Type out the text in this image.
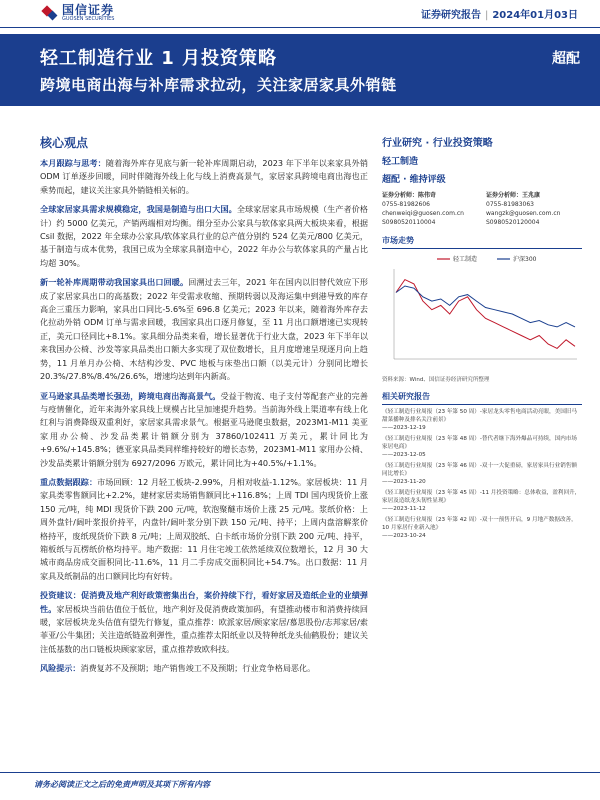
国信证券
GUOSEN SECURITIES	证券研究报告 | 2024年01月03日
轻工制造行业 1 月投资策略
跨境电商出海与补库需求拉动，关注家居家具外销链
超配
核心观点

本月跟踪与思考：随着海外库存见底与新一轮补库周期启动，2023 年下半年以来家具外销 ODM 订单逐步回暖，同时伴随海外线上化与线上消费高景气，家居家具跨境电商出海也正乘势而起，建议关注家具外销链相关标的。

全球家居家具需求规模稳定，我国是制造与出口大国。全球家居家具市场规模（生产者价格计）约 5000 亿美元，产销两端相对均衡。细分至办公家具与软体家具两大板块来看，根据 Csil 数据，2022 年全球办公家具/软体家具行业的总产值分别约 524 亿美元/800 亿美元，基于制造与成本优势，我国已成为全球家具制造中心，2022 年办公与软体家具的产量占比均超 30%。

新一轮补库周期带动我国家具出口回暖。回溯过去三年，2021 年在国内以旧替代效应下形成了家居家具出口的高基数；2022 年受需求收缩、预期转弱以及海运集中到港导致的库存高企三重压力影响，家具出口同比-5.6%至 696.8 亿美元；2023 年以来，随着海外库存去化拉动外销 ODM 订单与需求回暖，我国家具出口逐月修复，至 11 月出口额增速已实现转正，美元口径同比+8.1%。家具细分品类来看，增长显著优于行业大盘，2023 年下半年以来我国办公椅、沙发等家具品类出口额大多实现了双位数增长，且月度增速呈现逐月向上趋势，11 月单月办公椅、木结构沙发、PVC 地板与床垫出口额（以美元计）分别同比增长 20.3%/27.8%/8.4%/26.6%，增速均达到年内新高。

亚马逊家具品类增长强劲，跨境电商出海高景气。受益于物流、电子支付等配套产业的完善与疫情催化，近年来海外家具线上规模占比呈加速提升趋势。当前海外线上渠道率有线上化红利与消费降级双重利好，家居家具需求景气。根据亚马逊爬虫数据，2023M1-M11 美亚家用办公椅、沙发品类累计销额分别为 37860/102411 万美元，累计同比为+9.6%/+145.8%；德亚家具品类同样维持较好的增长态势，2023M1-M11 家用办公椅、沙发品类累计销额分别为 6927/2096 万欧元，累计同比为+40.5%/+1.1%。

重点数据跟踪：市场回顾：12 月轻工板块-2.99%，月相对收益-1.12%。家居板块：11 月家具类零售额同比+2.2%，建材家居卖场销售额同比+116.8%；上周 TDI 国内现货价上涨 150 元/吨，纯 MDI 现货价下跌 200 元/吨，软泡聚醚市场价上涨 25 元/吨。浆纸价格：上周外盘针/阔叶浆报价持平，内盘针/阔叶浆分别下跌 150 元/吨、持平；上周内盘溶解浆价格持平，废纸现货价下跌 8 元/吨；上周双胶纸、白卡纸市场价分别下跌 200 元/吨、持平，箱板纸与瓦楞纸价格均持平。地产数据：11 月住宅竣工依然延续双位数增长，12 月 30 大城市商品房成交面积同比-11.6%，11 月二手房成交面积同比+54.7%。出口数据：11 月家具及纸制品的出口额同比均有好转。

投资建议：促消费及地产利好政策密集出台，案价持续下行，看好家居及造纸企业的业绩弹性。家居板块当前估值位于低位，地产利好及促消费政策加码，有望推动楼市和消费持续回暖，家居板块龙头估值有望先行修复，重点推荐：欧派家居/顾家家居/慕思股份/志邦家居/索菲亚/公牛集团；关注造纸链盈利弹性，重点推荐太阳纸业以及特种纸龙头仙鹤股份；建议关注低基数的出口链板块顾家家居，重点推荐致欧科技。

风险提示：消费复苏不及预期；地产销售竣工不及预期；行业竞争格局恶化。

行业研究 · 行业投资策略
轻工制造
超配 · 维持评级
证券分析师：陈伟奇
0755-81982606
chenweiqi@guosen.com.cn
S0980520110004
证券分析师：王兆康
0755-81983063
wangzk@guosen.com.cn
S0980520120004
市场走势
轻工制造	沪深300
资料来源：Wind、国信证券经济研究所整理
相关研究报告
《轻工制造行业周报（23 年第 50 周）-家居龙头零售电商活动亮眼，美国旧马甜菜播种及排名关注前景》
——2023-12-19
《轻工制造行业周报（23 年第 48 周）-替代者继下海外爆品可持续，国内市场家居电商》
——2023-12-05
《轻工制造行业周报（23 年第 46 周）-双十一大促重磅，家居家具行业销售额同比增长》
——2023-11-20
《轻工制造行业周报（23 年第 45 周）-11 月投资策略：总体收益，盈利回升，家居及造纸龙头韧性显现》
——2023-11-12
《轻工制造行业周报（23 年第 42 周）-双十一预售开启，9 月地产数据改善，10 月家居行业新入池》
——2023-10-24
请务必阅读正文之后的免责声明及其项下所有内容
